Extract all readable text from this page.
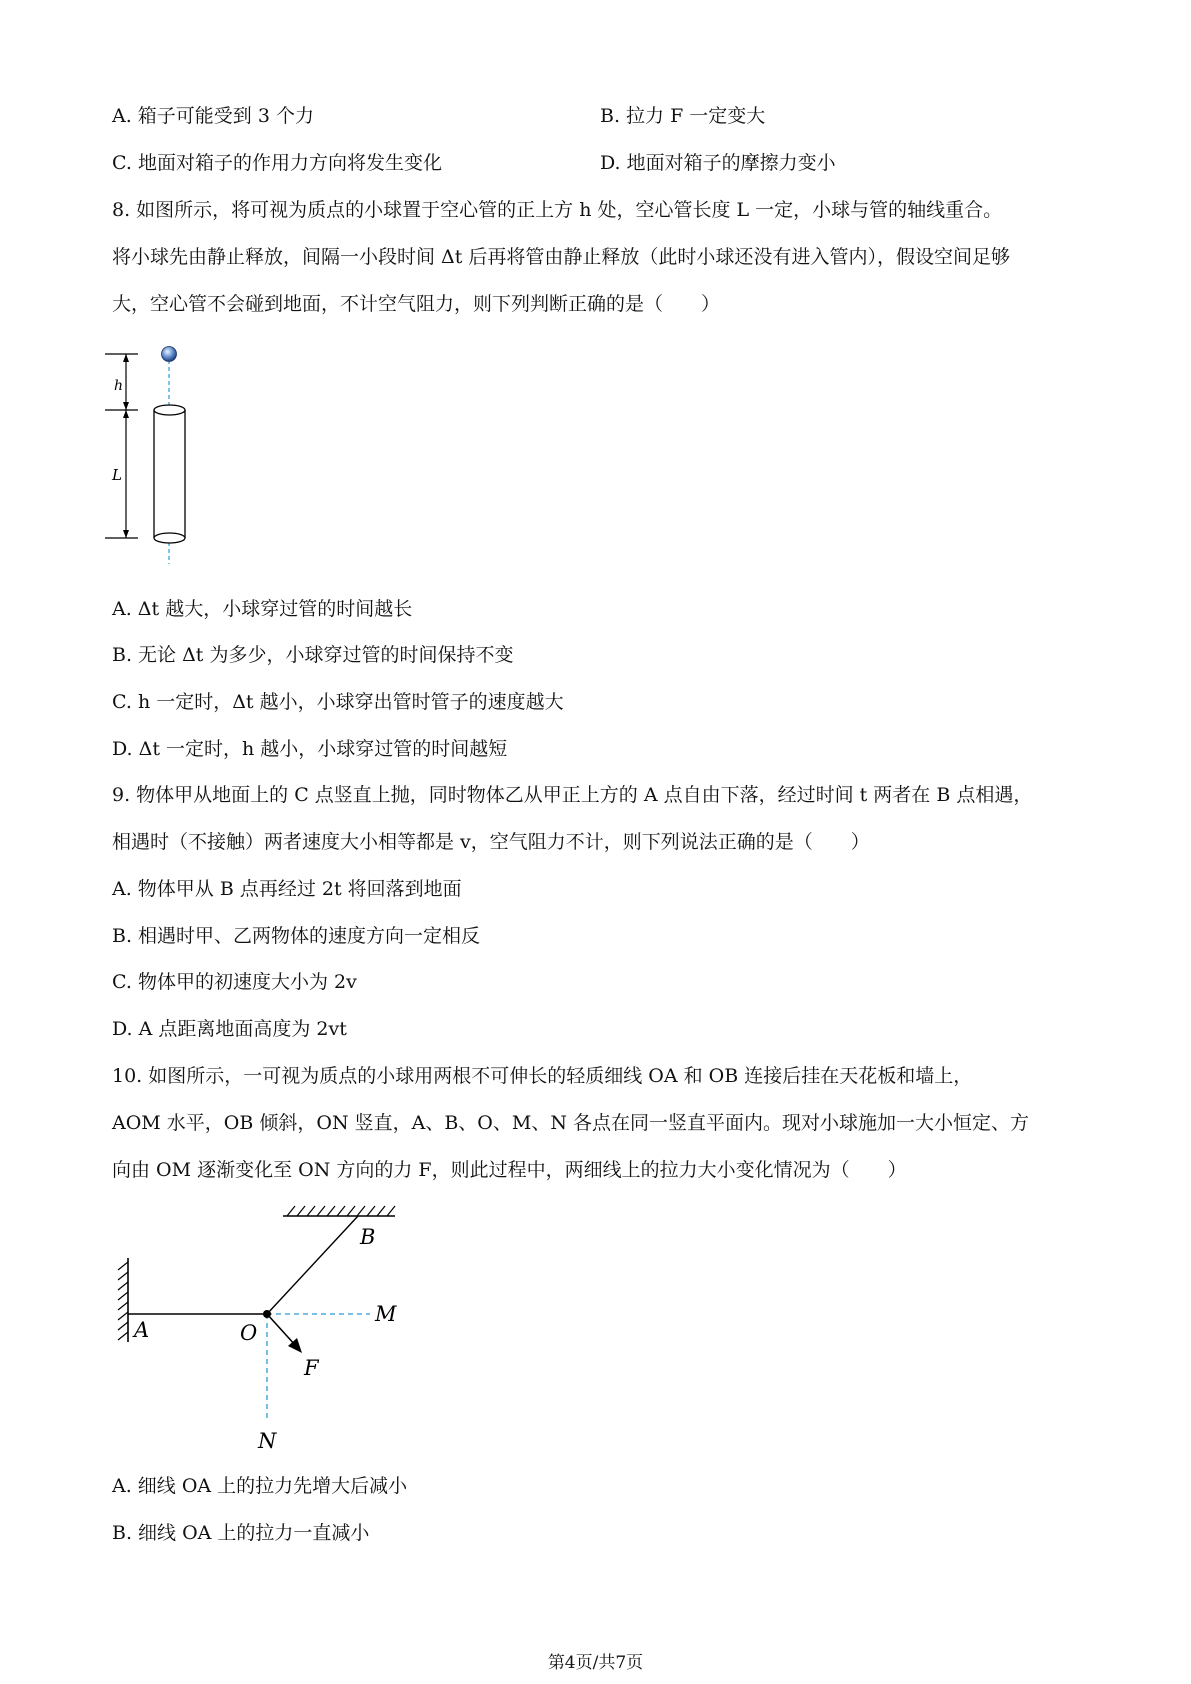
A. 箱子可能受到 3 个力	B. 拉力 F 一定变大
C. 地面对箱子的作用力方向将发生变化	D. 地面对箱子的摩擦力变小
8. 如图所示，将可视为质点的小球置于空心管的正上方 h 处，空心管长度 L 一定，小球与管的轴线重合。
将小球先由静止释放，间隔一小段时间 Δt 后再将管由静止释放（此时小球还没有进入管内），假设空间足够
大，空心管不会碰到地面，不计空气阻力，则下列判断正确的是（　　）
h
L
A. Δt 越大，小球穿过管的时间越长
B. 无论 Δt 为多少，小球穿过管的时间保持不变
C. h 一定时，Δt 越小，小球穿出管时管子的速度越大
D. Δt 一定时，h 越小，小球穿过管的时间越短
9. 物体甲从地面上的 C 点竖直上抛，同时物体乙从甲正上方的 A 点自由下落，经过时间 t 两者在 B 点相遇，
相遇时（不接触）两者速度大小相等都是 v，空气阻力不计，则下列说法正确的是（　　）
A. 物体甲从 B 点再经过 2t 将回落到地面
B. 相遇时甲、乙两物体的速度方向一定相反
C. 物体甲的初速度大小为 2v
D. A 点距离地面高度为 2vt
10. 如图所示，一可视为质点的小球用两根不可伸长的轻质细线 OA 和 OB 连接后挂在天花板和墙上，
AOM 水平，OB 倾斜，ON 竖直，A、B、O、M、N 各点在同一竖直平面内。现对小球施加一大小恒定、方
向由 OM 逐渐变化至 ON 方向的力 F，则此过程中，两细线上的拉力大小变化情况为（　　）
B
A	O
M
F
N
A. 细线 OA 上的拉力先增大后减小
B. 细线 OA 上的拉力一直减小
第4页/共7页
